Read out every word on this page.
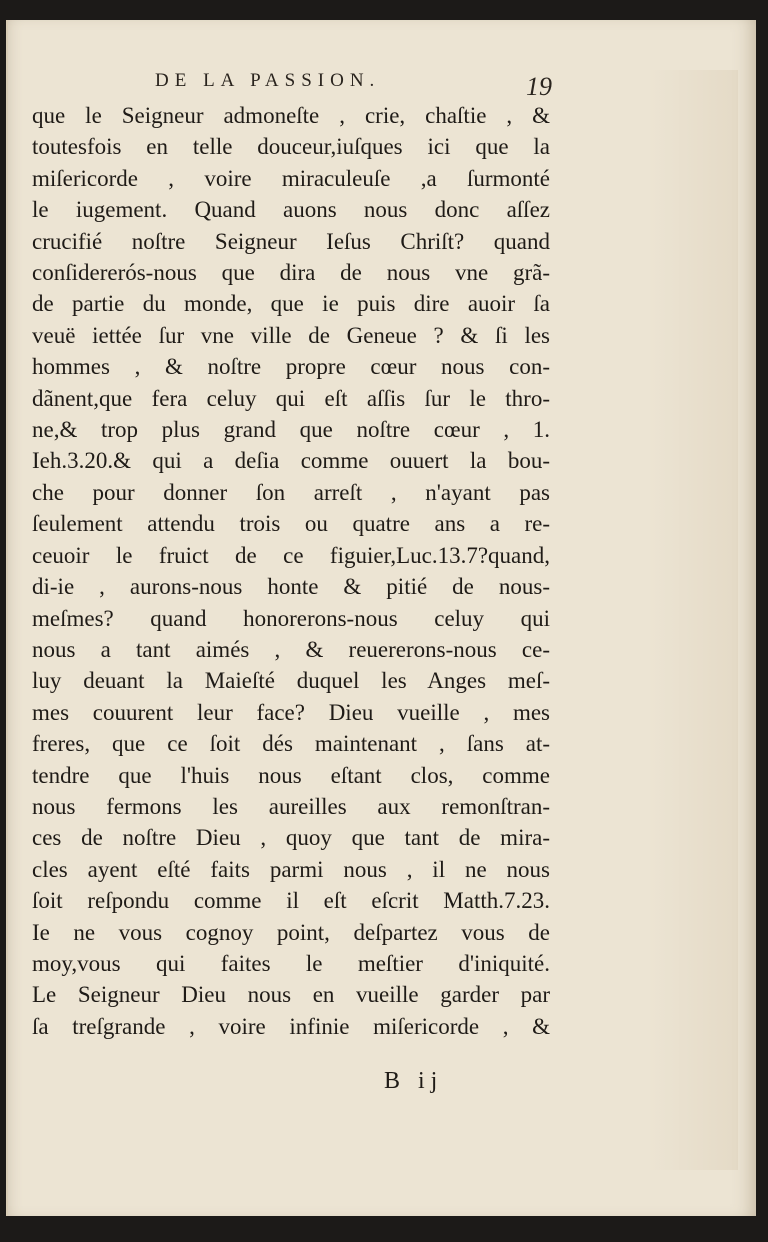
DE LA PASSION.	19
que le Seigneur admoneſte , crie, chaſtie , &
toutesfois en telle douceur,iuſques ici que la
miſericorde , voire miraculeuſe ,a ſurmonté
le iugement. Quand auons nous donc aſſez
crucifié noſtre Seigneur Ieſus Chriſt? quand
conſidererós-nous que dira de nous vne grã-
de partie du monde, que ie puis dire auoir ſa
veuë iettée ſur vne ville de Geneue ? & ſi les
hommes , & noſtre propre cœur nous con-
dãnent,que fera celuy qui eſt aſſis ſur le thro-
ne,& trop plus grand que noſtre cœur , 1.
Ieh.3.20.& qui a deſia comme ouuert la bou-
che pour donner ſon arreſt , n'ayant pas
ſeulement attendu trois ou quatre ans a re-
ceuoir le fruict de ce figuier,Luc.13.7?quand,
di-ie , aurons-nous honte & pitié de nous-
meſmes? quand honorerons-nous celuy qui
nous a tant aimés , & reuererons-nous ce-
luy deuant la Maieſté duquel les Anges meſ-
mes couurent leur face? Dieu vueille , mes
freres, que ce ſoit dés maintenant , ſans at-
tendre que l'huis nous eſtant clos, comme
nous fermons les aureilles aux remonſtran-
ces de noſtre Dieu , quoy que tant de mira-
cles ayent eſté faits parmi nous , il ne nous
ſoit reſpondu comme il eſt eſcrit Matth.7.23.
Ie ne vous cognoy point, deſpartez vous de
moy,vous qui faites le meſtier d'iniquité.
Le Seigneur Dieu nous en vueille garder par
ſa treſgrande , voire infinie miſericorde , &
B ij
